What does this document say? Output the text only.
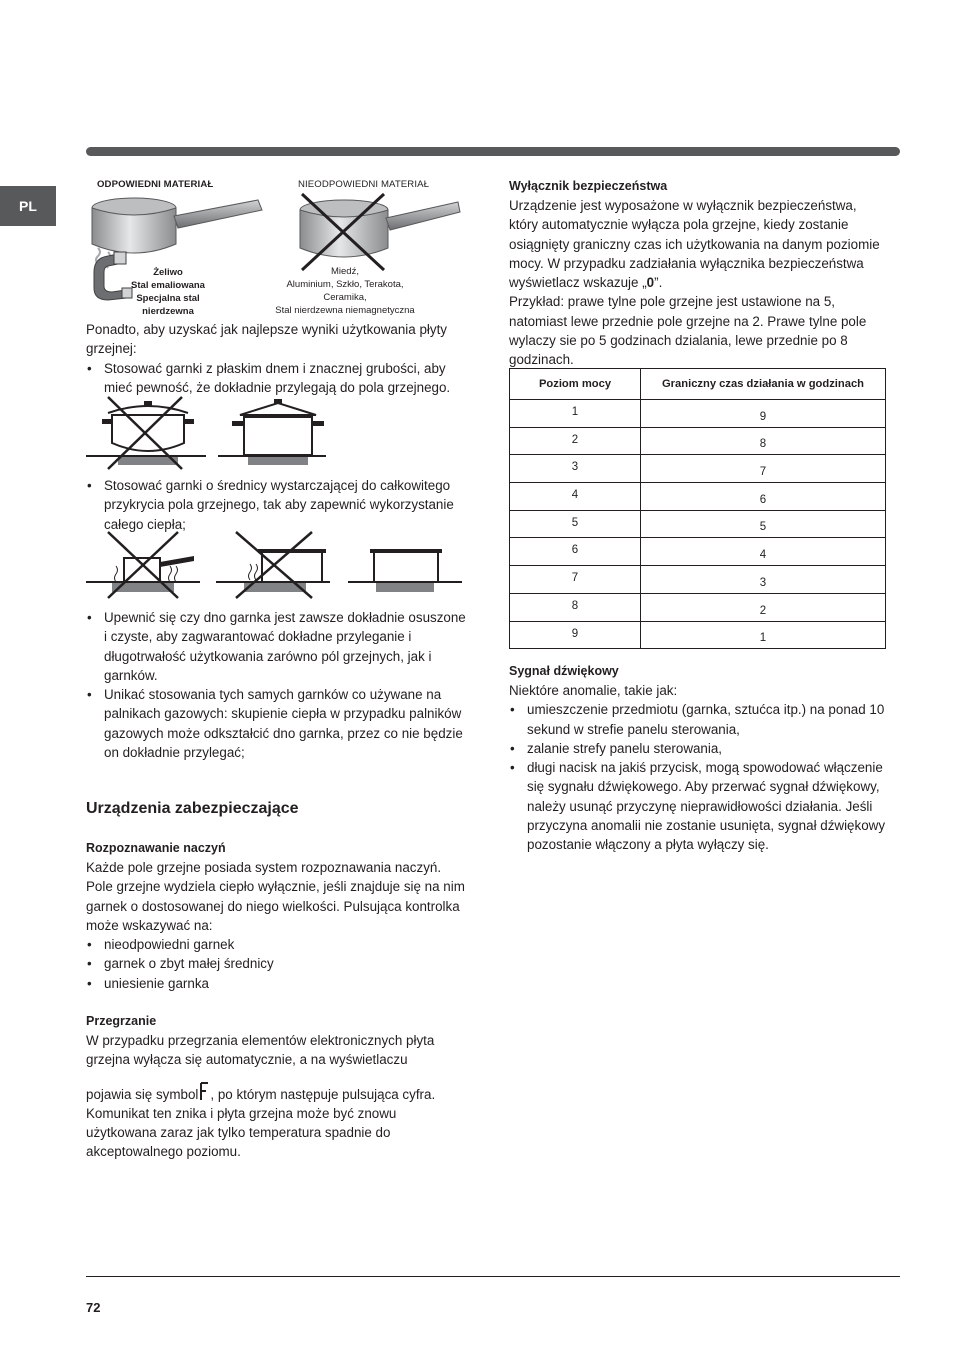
PL
ODPOWIEDNI MATERIAŁ	NIEODPOWIEDNI MATERIAŁ
Żeliwo
Stal emaliowana
Specjalna stal
nierdzewna
Miedź,
Aluminium, Szkło, Terakota,
Ceramika,
Stal nierdzewna niemagnetyczna

Ponadto, aby uzyskać jak najlepsze wyniki użytkowania płyty grzejnej:

• Stosować garnki z płaskim dnem i znacznej grubości, aby mieć pewność, że dokładnie przylegają do pola grzejnego.
• Stosować garnki o średnicy wystarczającej do całkowitego przykrycia pola grzejnego, tak aby zapewnić wykorzystanie całego ciepła;
• Upewnić się czy dno garnka jest zawsze dokładnie osuszone i czyste, aby zagwarantować dokładne przyleganie i długotrwałość użytkowania zarówno pól grzejnych, jak i garnków.
• Unikać stosowania tych samych garnków co używane na palnikach gazowych: skupienie ciepła w przypadku palników gazowych może odkształcić dno garnka, przez co nie będzie on dokładnie przylegać;
Urządzenia zabezpieczające

Rozpoznawanie naczyń

Każde pole grzejne posiada system rozpoznawania naczyń. Pole grzejne wydziela ciepło wyłącznie, jeśli znajduje się na nim garnek o dostosowanej do niego wielkości. Pulsująca kontrolka może wskazywać na:

• nieodpowiedni garnek
• garnek o zbyt małej średnicy
• uniesienie garnka

Przegrzanie

W przypadku przegrzania elementów elektronicznych płyta grzejna wyłącza się automatycznie, a na wyświetlaczu

pojawia się symbol , po którym następuje pulsująca cyfra. Komunikat ten znika i płyta grzejna może być znowu użytkowana zaraz jak tylko temperatura spadnie do akceptowalnego poziomu.

Wyłącznik bezpieczeństwa

Urządzenie jest wyposażone w wyłącznik bezpieczeństwa, który automatycznie wyłącza pola grzejne, kiedy zostanie osiągnięty graniczny czas ich użytkowania na danym poziomie mocy. W przypadku zadziałania wyłącznika bezpieczeństwa wyświetlacz wskazuje „0”.

Przykład: prawe tylne pole grzejne jest ustawione na 5, natomiast lewe przednie pole grzejne na 2. Prawe tylne pole wylaczy sie po 5 godzinach dzialania, lewe przednie po 8 godzinach.

Poziom mocy	Graniczny czas działania w godzinach
1	9
2	8
3	7
4	6
5	5
6	4
7	3
8	2
9	1

Sygnał dźwiękowy

Niektóre anomalie, takie jak:

• umieszczenie przedmiotu (garnka, sztućca itp.) na ponad 10 sekund w strefie panelu sterowania,
• zalanie strefy panelu sterowania,
• długi nacisk na jakiś przycisk, mogą spowodować włączenie się sygnału dźwiękowego. Aby przerwać sygnał dźwiękowy, należy usunąć przyczynę nieprawidłowości działania. Jeśli przyczyna anomalii nie zostanie usunięta, sygnał dźwiękowy pozostanie włączony a płyta wyłączy się.
72
